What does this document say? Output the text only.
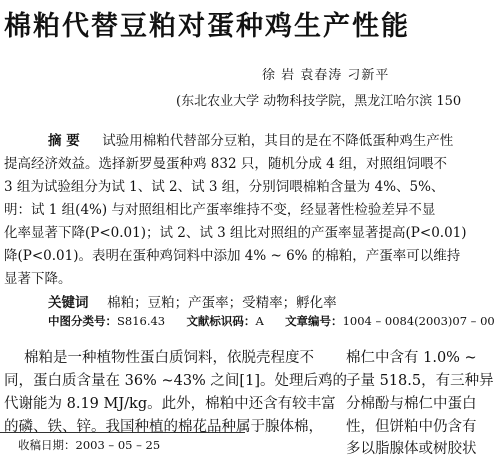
棉粕代替豆粕对蛋种鸡生产性能
徐 岩 袁春涛 刁新平
(东北农业大学 动物科技学院，黑龙江哈尔滨 150
摘 要 试验用棉粕代替部分豆粕，其目的是在不降低蛋种鸡生产性
提高经济效益。选择新罗曼蛋种鸡 832 只，随机分成 4 组，对照组饲喂不
3 组为试验组分为试 1、试 2、试 3 组，分别饲喂棉粕含量为 4%、5%、
明：试 1 组(4%) 与对照组相比产蛋率维持不变，经显著性检验差异不显
化率显著下降(P<0.01)；试 2、试 3 组比对照组的产蛋率显著提高(P<0.01)
降(P<0.01)。表明在蛋种鸡饲料中添加 4% ~ 6% 的棉粕，产蛋率可以维持
显著下降。
关键词 棉粕；豆粕；产蛋率；受精率；孵化率
中图分类号：S816.43 文献标识码：A 文章编号：1004 – 0084(2003)07 – 00
棉粕是一种植物性蛋白质饲料，依脱壳程度不
同，蛋白质含量在 36% ~43% 之间[1]。处理后鸡的
代谢能为 8.19 MJ/kg。此外，棉粕中还含有较丰富
的磷、铁、锌。我国种植的棉花品种属于腺体棉，
棉仁中含有 1.0% ~
子量 518.5，有三种异
分棉酚与棉仁中蛋白
性，但饼粕中仍含有
多以脂腺体或树胶状
收稿日期：2003 – 05 – 25
